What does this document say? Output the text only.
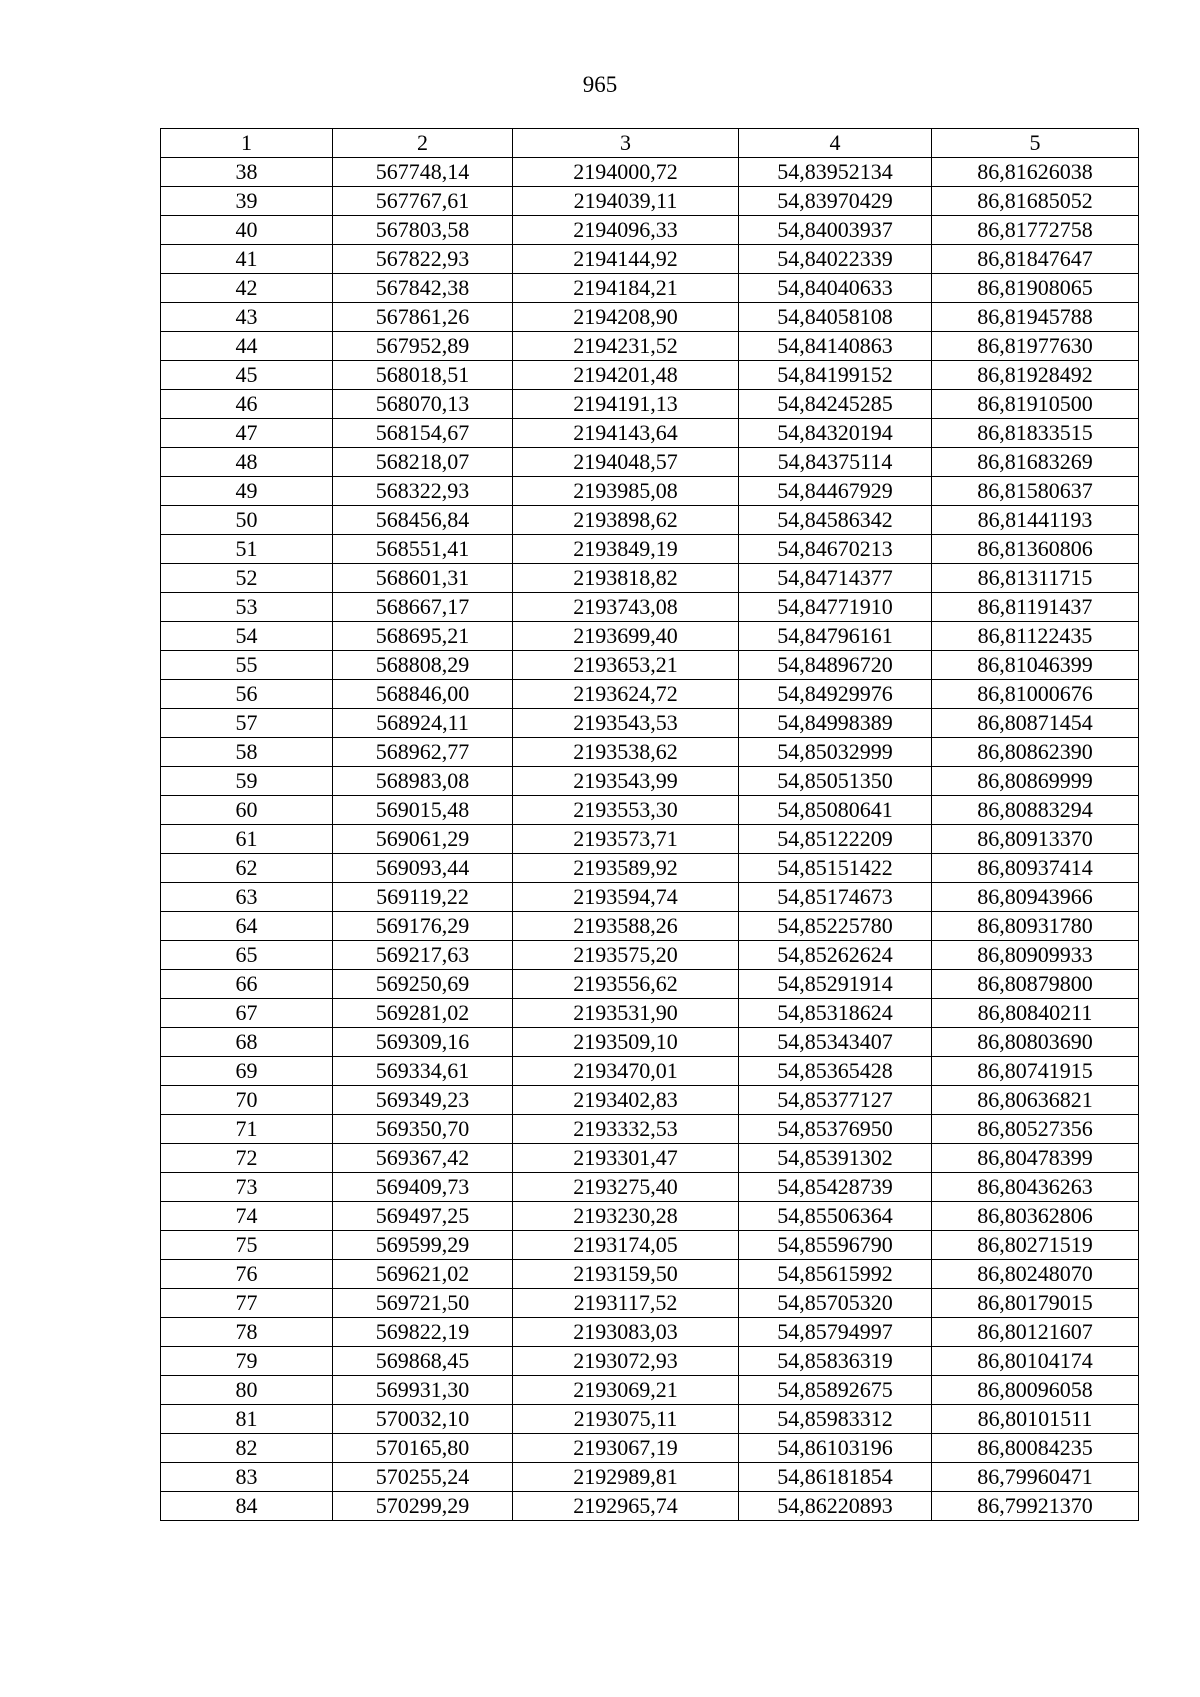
965
1	2	3	4	5
38	567748,14	2194000,72	54,83952134	86,81626038
39	567767,61	2194039,11	54,83970429	86,81685052
40	567803,58	2194096,33	54,84003937	86,81772758
41	567822,93	2194144,92	54,84022339	86,81847647
42	567842,38	2194184,21	54,84040633	86,81908065
43	567861,26	2194208,90	54,84058108	86,81945788
44	567952,89	2194231,52	54,84140863	86,81977630
45	568018,51	2194201,48	54,84199152	86,81928492
46	568070,13	2194191,13	54,84245285	86,81910500
47	568154,67	2194143,64	54,84320194	86,81833515
48	568218,07	2194048,57	54,84375114	86,81683269
49	568322,93	2193985,08	54,84467929	86,81580637
50	568456,84	2193898,62	54,84586342	86,81441193
51	568551,41	2193849,19	54,84670213	86,81360806
52	568601,31	2193818,82	54,84714377	86,81311715
53	568667,17	2193743,08	54,84771910	86,81191437
54	568695,21	2193699,40	54,84796161	86,81122435
55	568808,29	2193653,21	54,84896720	86,81046399
56	568846,00	2193624,72	54,84929976	86,81000676
57	568924,11	2193543,53	54,84998389	86,80871454
58	568962,77	2193538,62	54,85032999	86,80862390
59	568983,08	2193543,99	54,85051350	86,80869999
60	569015,48	2193553,30	54,85080641	86,80883294
61	569061,29	2193573,71	54,85122209	86,80913370
62	569093,44	2193589,92	54,85151422	86,80937414
63	569119,22	2193594,74	54,85174673	86,80943966
64	569176,29	2193588,26	54,85225780	86,80931780
65	569217,63	2193575,20	54,85262624	86,80909933
66	569250,69	2193556,62	54,85291914	86,80879800
67	569281,02	2193531,90	54,85318624	86,80840211
68	569309,16	2193509,10	54,85343407	86,80803690
69	569334,61	2193470,01	54,85365428	86,80741915
70	569349,23	2193402,83	54,85377127	86,80636821
71	569350,70	2193332,53	54,85376950	86,80527356
72	569367,42	2193301,47	54,85391302	86,80478399
73	569409,73	2193275,40	54,85428739	86,80436263
74	569497,25	2193230,28	54,85506364	86,80362806
75	569599,29	2193174,05	54,85596790	86,80271519
76	569621,02	2193159,50	54,85615992	86,80248070
77	569721,50	2193117,52	54,85705320	86,80179015
78	569822,19	2193083,03	54,85794997	86,80121607
79	569868,45	2193072,93	54,85836319	86,80104174
80	569931,30	2193069,21	54,85892675	86,80096058
81	570032,10	2193075,11	54,85983312	86,80101511
82	570165,80	2193067,19	54,86103196	86,80084235
83	570255,24	2192989,81	54,86181854	86,79960471
84	570299,29	2192965,74	54,86220893	86,79921370
